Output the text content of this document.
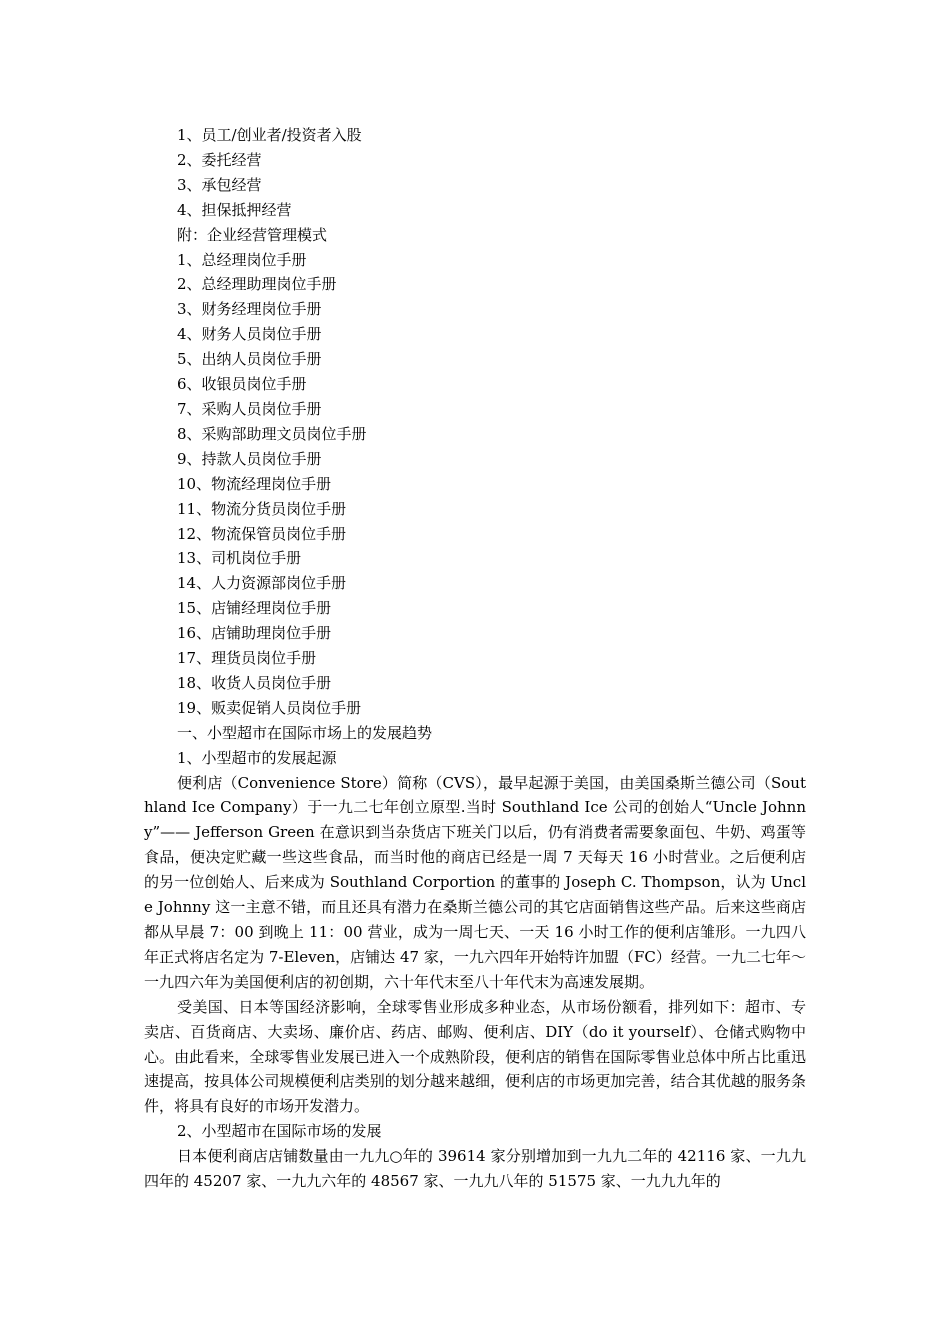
1、员工/创业者/投资者入股
2、委托经营
3、承包经营
4、担保抵押经营
附：企业经营管理模式
1、总经理岗位手册
2、总经理助理岗位手册
3、财务经理岗位手册
4、财务人员岗位手册
5、出纳人员岗位手册
6、收银员岗位手册
7、采购人员岗位手册
8、采购部助理文员岗位手册
9、持款人员岗位手册
10、物流经理岗位手册
11、物流分货员岗位手册
12、物流保管员岗位手册
13、司机岗位手册
14、人力资源部岗位手册
15、店铺经理岗位手册
16、店铺助理岗位手册
17、理货员岗位手册
18、收货人员岗位手册
19、贩卖促销人员岗位手册
一、小型超市在国际市场上的发展趋势
1、小型超市的发展起源
便利店（Convenience Store）简称（CVS），最早起源于美国，由美国桑斯兰德公司（Southland Ice Company）于一九二七年创立原型.当时 Southland Ice 公司的创始人“Uncle Johnny”—— Jefferson Green 在意识到当杂货店下班关门以后，仍有消费者需要象面包、牛奶、鸡蛋等食品，便决定贮藏一些这些食品，而当时他的商店已经是一周 7 天每天 16 小时营业。之后便利店的另一位创始人、后来成为 Southland Corportion 的董事的 Joseph C. Thompson，认为 Uncle Johnny 这一主意不错，而且还具有潜力在桑斯兰德公司的其它店面销售这些产品。后来这些商店都从早晨 7：00 到晚上 11：00 营业，成为一周七天、一天 16 小时工作的便利店雏形。一九四八年正式将店名定为 7-Eleven，店铺达 47 家，一九六四年开始特许加盟（FC）经营。一九二七年～一九四六年为美国便利店的初创期，六十年代末至八十年代末为高速发展期。
受美国、日本等国经济影响，全球零售业形成多种业态，从市场份额看，排列如下：超市、专卖店、百货商店、大卖场、廉价店、药店、邮购、便利店、DIY（do it yourself）、仓储式购物中心。由此看来，全球零售业发展已进入一个成熟阶段，便利店的销售在国际零售业总体中所占比重迅速提高，按具体公司规模便利店类别的划分越来越细，便利店的市场更加完善，结合其优越的服务条件，将具有良好的市场开发潜力。
2、小型超市在国际市场的发展
日本便利商店店铺数量由一九九○年的 39614 家分别增加到一九九二年的 42116 家、一九九四年的 45207 家、一九九六年的 48567 家、一九九八年的 51575 家、一九九九年的
